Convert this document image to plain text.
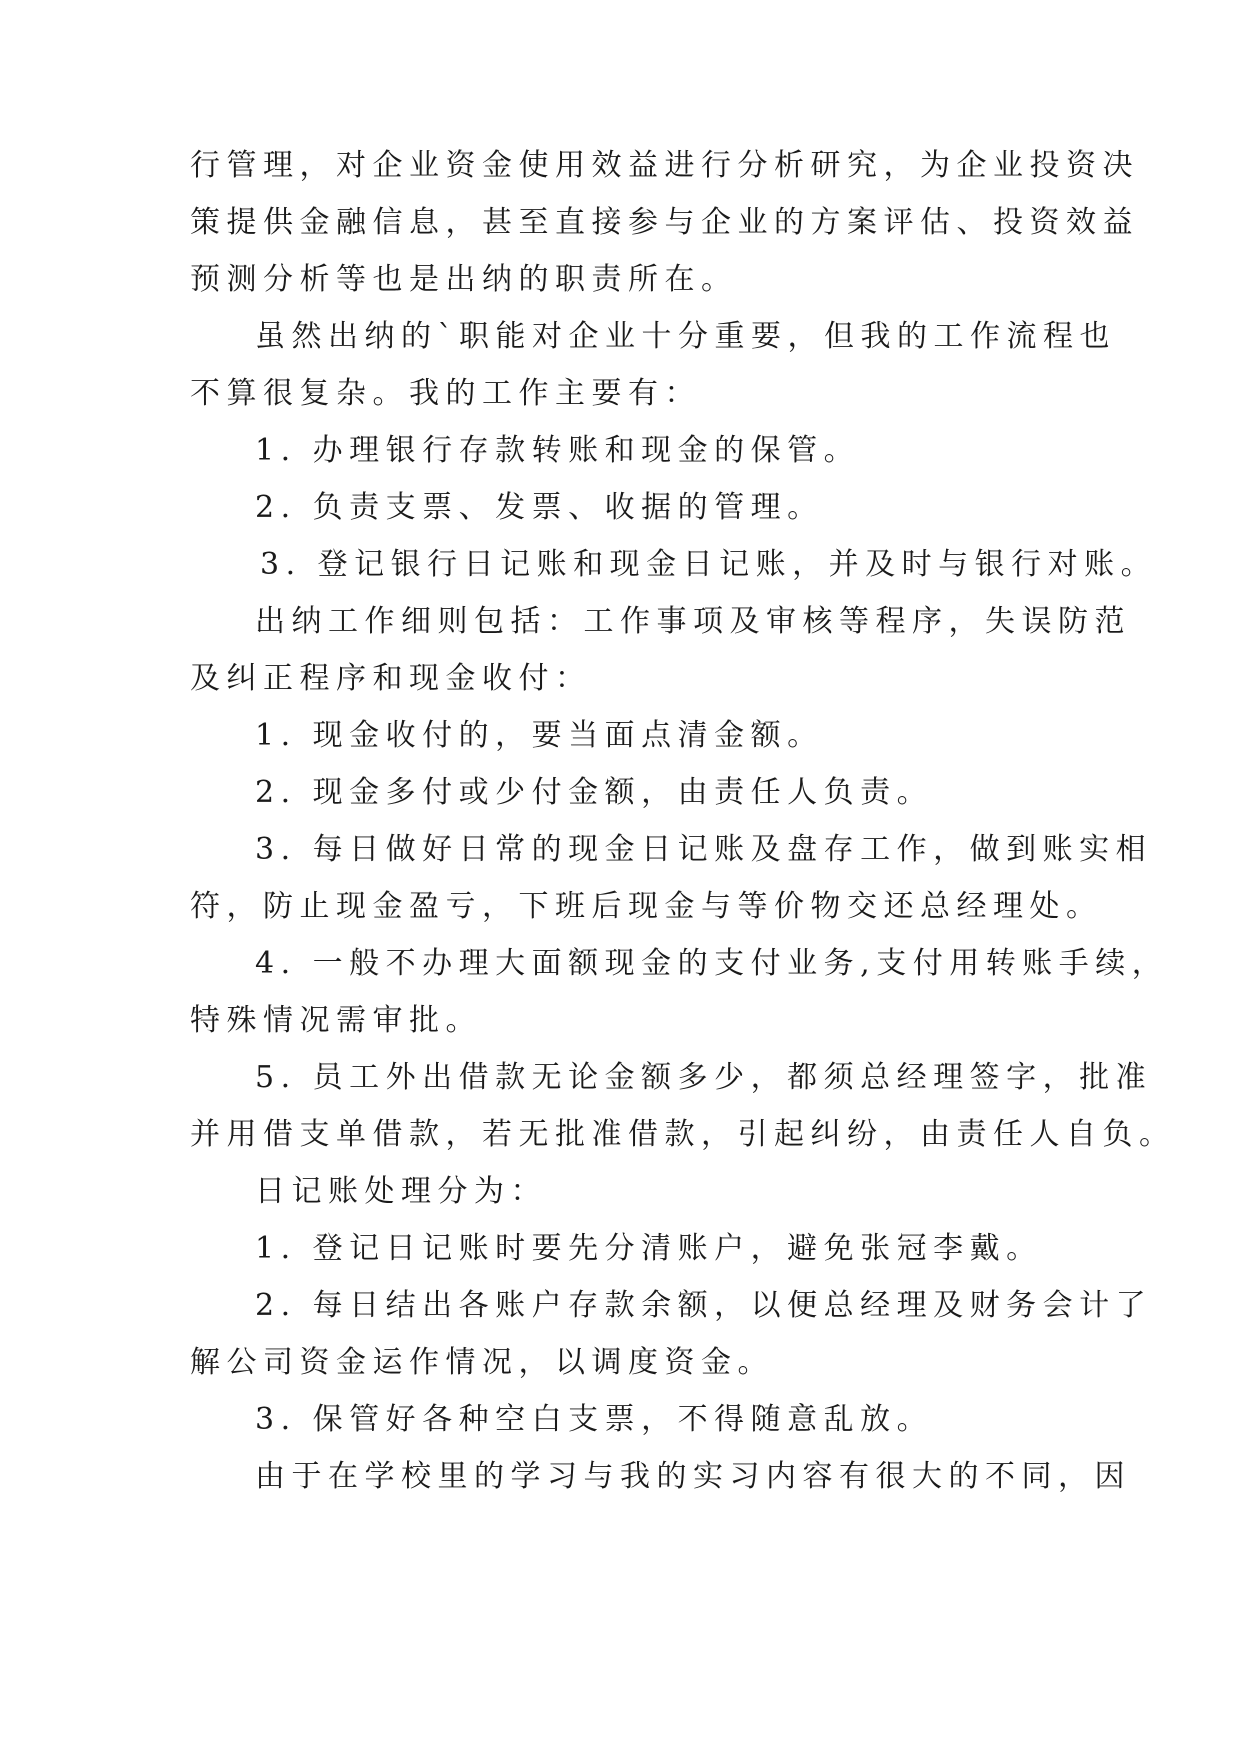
行管理，对企业资金使用效益进行分析研究，为企业投资决
策提供金融信息，甚至直接参与企业的方案评估、投资效益
预测分析等也是出纳的职责所在。
虽然出纳的`职能对企业十分重要，但我的工作流程也
不算很复杂。我的工作主要有：
1. 办理银行存款转账和现金的保管。
2. 负责支票、发票、收据的管理。
3. 登记银行日记账和现金日记账，并及时与银行对账。
出纳工作细则包括：工作事项及审核等程序，失误防范
及纠正程序和现金收付：
1. 现金收付的，要当面点清金额。
2. 现金多付或少付金额，由责任人负责。
3. 每日做好日常的现金日记账及盘存工作，做到账实相
符，防止现金盈亏，下班后现金与等价物交还总经理处。
4. 一般不办理大面额现金的支付业务,支付用转账手续，
特殊情况需审批。
5. 员工外出借款无论金额多少，都须总经理签字，批准
并用借支单借款，若无批准借款，引起纠纷，由责任人自负。
日记账处理分为：
1. 登记日记账时要先分清账户，避免张冠李戴。
2. 每日结出各账户存款余额，以便总经理及财务会计了
解公司资金运作情况，以调度资金。
3. 保管好各种空白支票，不得随意乱放。
由于在学校里的学习与我的实习内容有很大的不同，因
